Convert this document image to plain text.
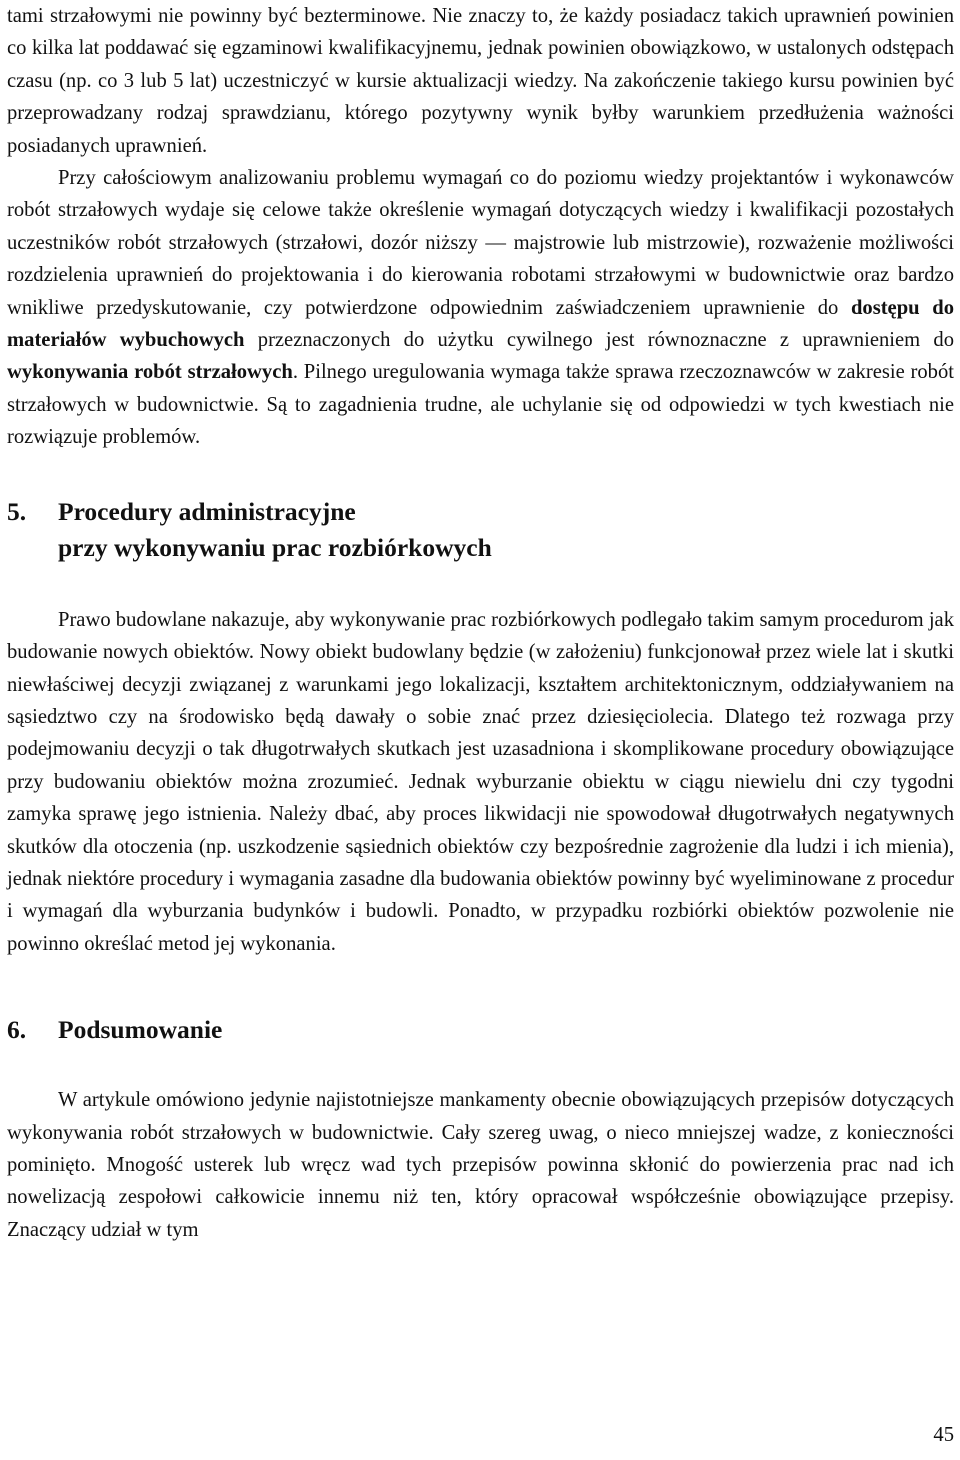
tami strzałowymi nie powinny być bezterminowe. Nie znaczy to, że każdy posiadacz takich uprawnień powinien co kilka lat poddawać się egzaminowi kwalifikacyjnemu, jednak powinien obowiązkowo, w ustalonych odstępach czasu (np. co 3 lub 5 lat) uczestniczyć w kursie aktualizacji wiedzy. Na zakończenie takiego kursu powinien być przeprowadzany rodzaj sprawdzianu, którego pozytywny wynik byłby warunkiem przedłużenia ważności posiadanych uprawnień.

Przy całościowym analizowaniu problemu wymagań co do poziomu wiedzy projektantów i wykonawców robót strzałowych wydaje się celowe także określenie wymagań dotyczących wiedzy i kwalifikacji pozostałych uczestników robót strzałowych (strzałowi, dozór niższy — majstrowie lub mistrzowie), rozważenie możliwości rozdzielenia uprawnień do projektowania i do kierowania robotami strzałowymi w budownictwie oraz bardzo wnikliwe przedyskutowanie, czy potwierdzone odpowiednim zaświadczeniem uprawnienie do dostępu do materiałów wybuchowych przeznaczonych do użytku cywilnego jest równoznaczne z uprawnieniem do wykonywania robót strzałowych. Pilnego uregulowania wymaga także sprawa rzeczoznawców w zakresie robót strzałowych w budownictwie. Są to zagadnienia trudne, ale uchylanie się od odpowiedzi w tych kwestiach nie rozwiązuje problemów.

5. Procedury administracyjne
przy wykonywaniu prac rozbiórkowych

Prawo budowlane nakazuje, aby wykonywanie prac rozbiórkowych podlegało takim samym procedurom jak budowanie nowych obiektów. Nowy obiekt budowlany będzie (w założeniu) funkcjonował przez wiele lat i skutki niewłaściwej decyzji związanej z warunkami jego lokalizacji, kształtem architektonicznym, oddziaływaniem na sąsiedztwo czy na środowisko będą dawały o sobie znać przez dziesięciolecia. Dlatego też rozwaga przy podejmowaniu decyzji o tak długotrwałych skutkach jest uzasadniona i skomplikowane procedury obowiązujące przy budowaniu obiektów można zrozumieć. Jednak wyburzanie obiektu w ciągu niewielu dni czy tygodni zamyka sprawę jego istnienia. Należy dbać, aby proces likwidacji nie spowodował długotrwałych negatywnych skutków dla otoczenia (np. uszkodzenie sąsiednich obiektów czy bezpośrednie zagrożenie dla ludzi i ich mienia), jednak niektóre procedury i wymagania zasadne dla budowania obiektów powinny być wyeliminowane z procedur i wymagań dla wyburzania budynków i budowli. Ponadto, w przypadku rozbiórki obiektów pozwolenie nie powinno określać metod jej wykonania.

6. Podsumowanie

W artykule omówiono jedynie najistotniejsze mankamenty obecnie obowiązujących przepisów dotyczących wykonywania robót strzałowych w budownictwie. Cały szereg uwag, o nieco mniejszej wadze, z konieczności pominięto. Mnogość usterek lub wręcz wad tych przepisów powinna skłonić do powierzenia prac nad ich nowelizacją zespołowi całkowicie innemu niż ten, który opracował współcześnie obowiązujące przepisy. Znaczący udział w tym

45
